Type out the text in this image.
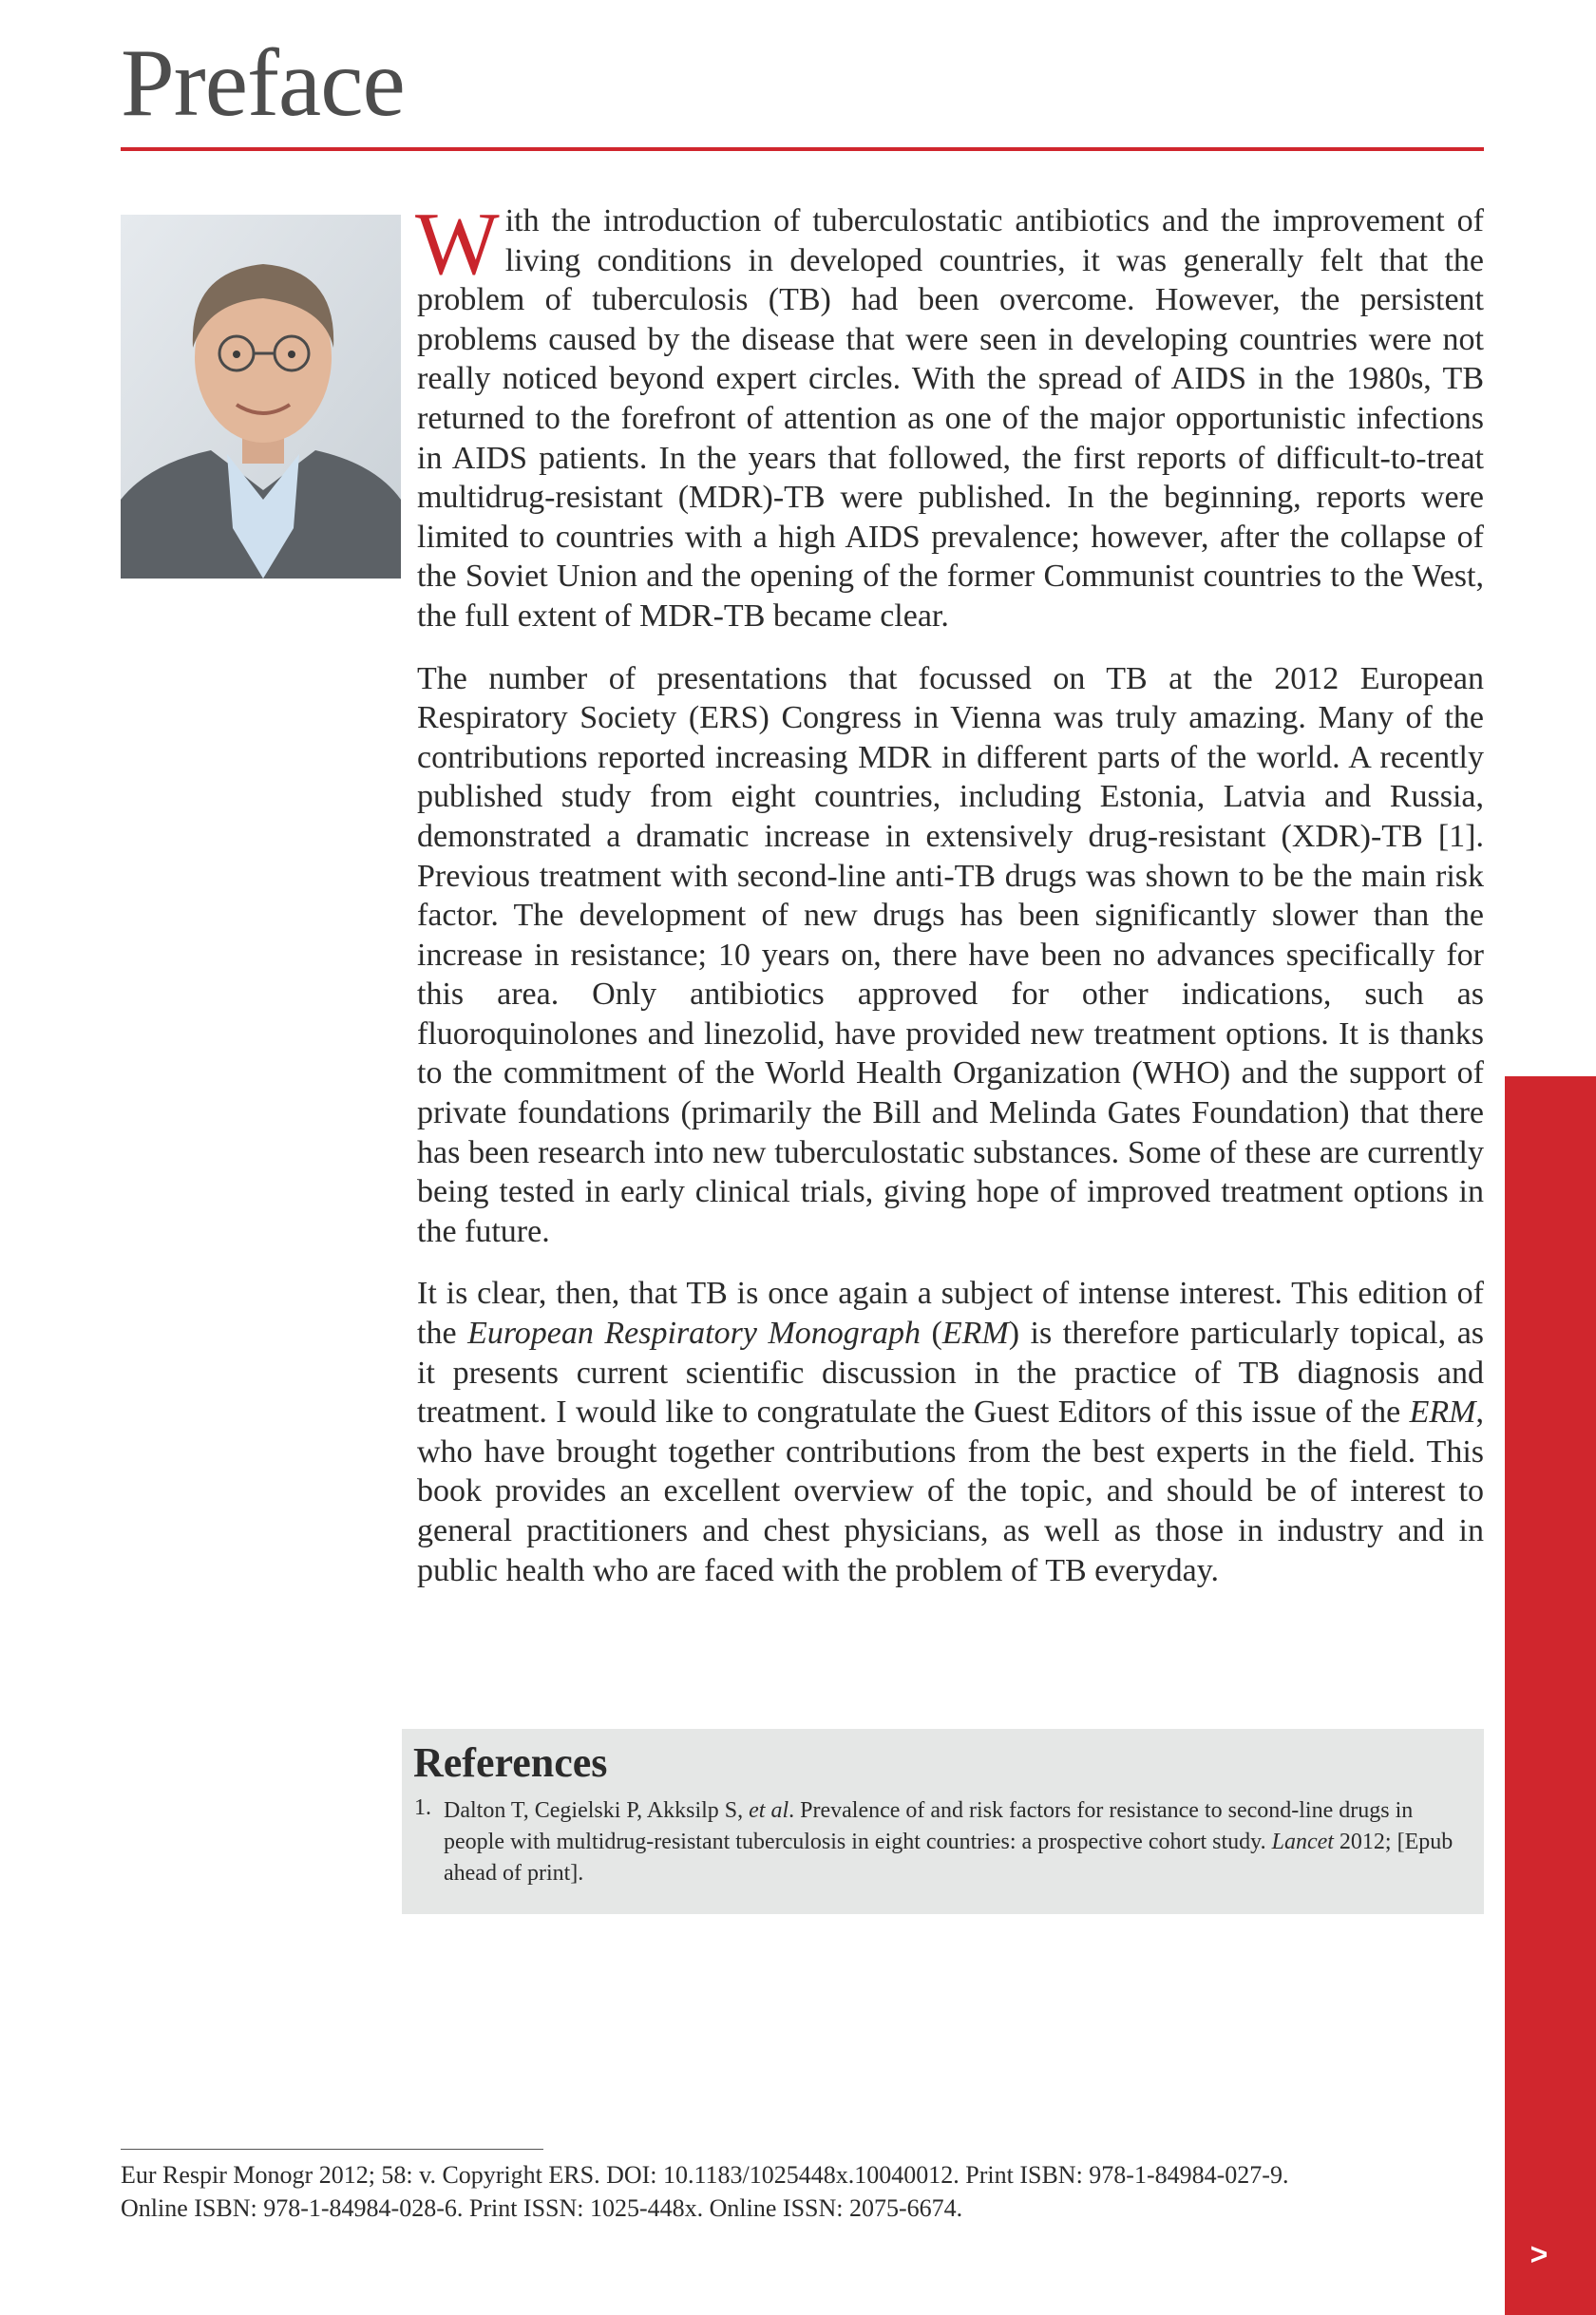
Preface

With the introduction of tuberculostatic antibiotics and the improvement of living conditions in developed countries, it was generally felt that the problem of tuberculosis (TB) had been overcome. However, the persistent problems caused by the disease that were seen in developing countries were not really noticed beyond expert circles. With the spread of AIDS in the 1980s, TB returned to the forefront of attention as one of the major opportunistic infections in AIDS patients. In the years that followed, the first reports of difficult-to-treat multidrug-resistant (MDR)-TB were published. In the beginning, reports were limited to countries with a high AIDS prevalence; however, after the collapse of the Soviet Union and the opening of the former Communist countries to the West, the full extent of MDR-TB became clear.

The number of presentations that focussed on TB at the 2012 European Respiratory Society (ERS) Congress in Vienna was truly amazing. Many of the contributions reported increasing MDR in different parts of the world. A recently published study from eight countries, including Estonia, Latvia and Russia, demonstrated a dramatic increase in extensively drug-resistant (XDR)-TB [1]. Previous treatment with second-line anti-TB drugs was shown to be the main risk factor. The development of new drugs has been significantly slower than the increase in resistance; 10 years on, there have been no advances specifically for this area. Only antibiotics approved for other indications, such as fluoroquinolones and linezolid, have provided new treatment options. It is thanks to the commitment of the World Health Organization (WHO) and the support of private foundations (primarily the Bill and Melinda Gates Foundation) that there has been research into new tuberculostatic substances. Some of these are currently being tested in early clinical trials, giving hope of improved treatment options in the future.

It is clear, then, that TB is once again a subject of intense interest. This edition of the European Respiratory Monograph (ERM) is therefore particularly topical, as it presents current scientific discussion in the practice of TB diagnosis and treatment. I would like to congratulate the Guest Editors of this issue of the ERM, who have brought together contributions from the best experts in the field. This book provides an excellent overview of the topic, and should be of interest to general practitioners and chest physicians, as well as those in industry and in public health who are faced with the problem of TB everyday.

References
1. Dalton T, Cegielski P, Akksilp S, et al. Prevalence of and risk factors for resistance to second-line drugs in people with multidrug-resistant tuberculosis in eight countries: a prospective cohort study. Lancet 2012; [Epub ahead of print].
Eur Respir Monogr 2012; 58: v. Copyright ERS. DOI: 10.1183/1025448x.10040012. Print ISBN: 978-1-84984-027-9.
Online ISBN: 978-1-84984-028-6. Print ISSN: 1025-448x. Online ISSN: 2075-6674.
>
